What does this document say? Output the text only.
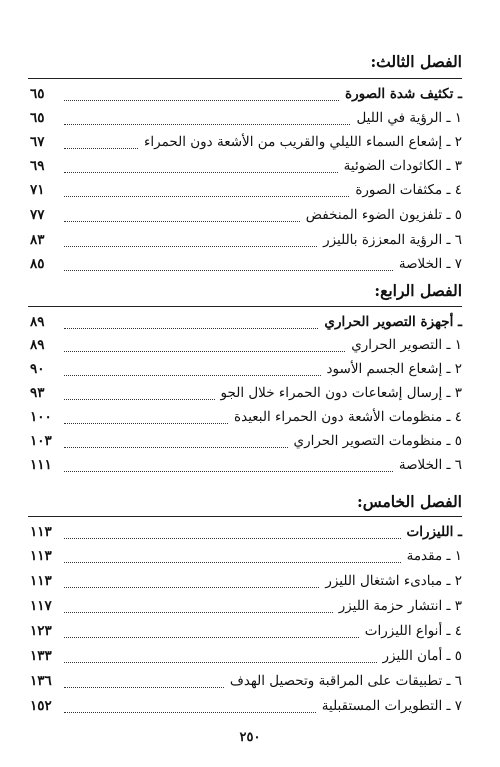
الفصل الثالث:
ـ تكثيف شدة الصورة
٦٥
١ ـ الرؤية في الليل
٦٥
٢ ـ إشعاع السماء الليلي والقريب من الأشعة دون الحمراء
٦٧
٣ ـ الكاثودات الضوئية
٦٩
٤ ـ مكثفات الصورة
٧١
٥ ـ تلفزيون الضوء المنخفض
٧٧
٦ ـ الرؤية المعززة بالليزر
٨٣
٧ ـ الخلاصة
٨٥
الفصل الرابع:
ـ أجهزة التصوير الحراري
٨٩
١ ـ التصوير الحراري
٨٩
٢ ـ إشعاع الجسم الأسود
٩٠
٣ ـ إرسال إشعاعات دون الحمراء خلال الجو
٩٣
٤ ـ منظومات الأشعة دون الحمراء البعيدة
١٠٠
٥ ـ منظومات التصوير الحراري
١٠٣
٦ ـ الخلاصة
١١١
الفصل الخامس:
ـ الليزرات
١١٣
١ ـ مقدمة
١١٣
٢ ـ مبادىء اشتغال الليزر
١١٣
٣ ـ انتشار حزمة الليزر
١١٧
٤ ـ أنواع الليزرات
١٢٣
٥ ـ أمان الليزر
١٣٣
٦ ـ تطبيقات على المراقبة وتحصيل الهدف
١٣٦
٧ ـ التطويرات المستقبلية
١٥٢
٢٥٠
